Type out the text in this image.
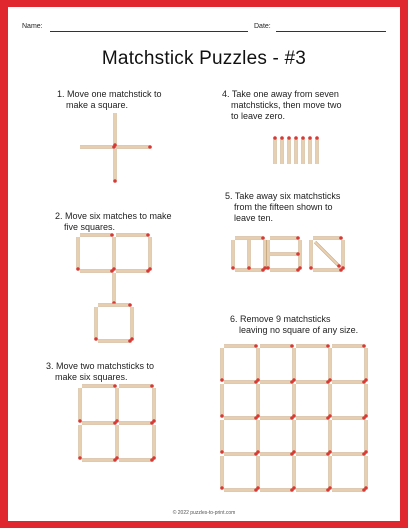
Name:	Date:
Matchstick Puzzles - #3
1. Move one matchstick to
make a square.
2. Move six matches to make
five squares.
3. Move two matchsticks to
make six squares.
4. Take one away from seven
matchsticks, then move two
to leave zero.
5. Take away six matchsticks
from the fifteen shown to
leave ten.
6. Remove 9 matchsticks
leaving no square of any size.
© 2022 puzzles-to-print.com
